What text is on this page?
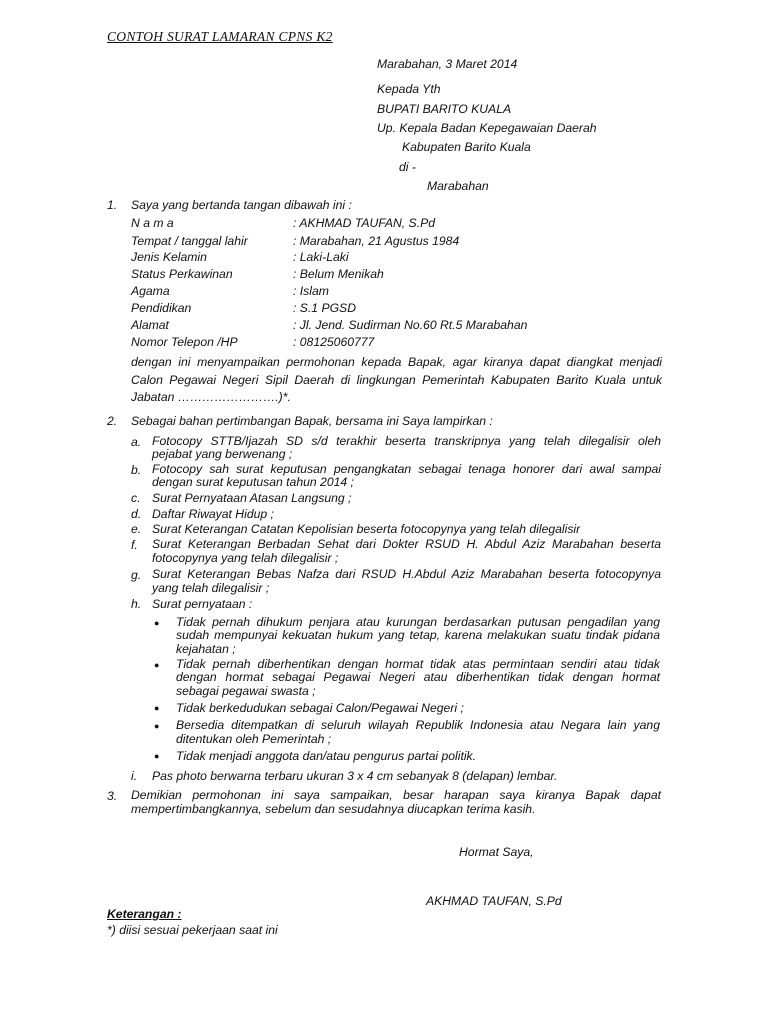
CONTOH SURAT LAMARAN CPNS K2
Marabahan, 3 Maret 2014
Kepada Yth
BUPATI BARITO KUALA
Up. Kepala Badan Kepegawaian Daerah
Kabupaten Barito Kuala
di -
Marabahan
1. Saya yang bertanda tangan dibawah ini :
N a m a	: AKHMAD TAUFAN, S.Pd
Tempat / tanggal lahir	: Marabahan, 21 Agustus 1984
Jenis Kelamin	: Laki-Laki
Status Perkawinan	: Belum Menikah
Agama	: Islam
Pendidikan	: S.1 PGSD
Alamat	: Jl. Jend. Sudirman No.60 Rt.5 Marabahan
Nomor Telepon /HP	: 08125060777
dengan ini menyampaikan permohonan kepada Bapak, agar kiranya dapat diangkat menjadi
Calon Pegawai Negeri Sipil Daerah di lingkungan Pemerintah Kabupaten Barito Kuala untuk
Jabatan …………………….)*.
2. Sebagai bahan pertimbangan Bapak, bersama ini Saya lampirkan :
a. Fotocopy STTB/Ijazah SD s/d terakhir beserta transkripnya yang telah dilegalisir oleh
pejabat yang berwenang ;
b. Fotocopy sah surat keputusan pengangkatan sebagai tenaga honorer dari awal sampai
dengan surat keputusan tahun 2014 ;
c. Surat Pernyataan Atasan Langsung ;
d. Daftar Riwayat Hidup ;
e. Surat Keterangan Catatan Kepolisian beserta fotocopynya yang telah dilegalisir
f. Surat Keterangan Berbadan Sehat dari Dokter RSUD H. Abdul Aziz Marabahan beserta
fotocopynya yang telah dilegalisir ;
g. Surat Keterangan Bebas Nafza dari RSUD H.Abdul Aziz Marabahan beserta fotocopynya
yang telah dilegalisir ;
h. Surat pernyataan :
● Tidak pernah dihukum penjara atau kurungan berdasarkan putusan pengadilan yang
sudah mempunyai kekuatan hukum yang tetap, karena melakukan suatu tindak pidana
kejahatan ;
● Tidak pernah diberhentikan dengan hormat tidak atas permintaan sendiri atau tidak
dengan hormat sebagai Pegawai Negeri atau diberhentikan tidak dengan hormat
sebagai pegawai swasta ;
● Tidak berkedudukan sebagai Calon/Pegawai Negeri ;
● Bersedia ditempatkan di seluruh wilayah Republik Indonesia atau Negara lain yang
ditentukan oleh Pemerintah ;
● Tidak menjadi anggota dan/atau pengurus partai politik.
i. Pas photo berwarna terbaru ukuran 3 x 4 cm sebanyak 8 (delapan) lembar.
3. Demikian permohonan ini saya sampaikan, besar harapan saya kiranya Bapak dapat
mempertimbangkannya, sebelum dan sesudahnya diucapkan terima kasih.
Hormat Saya,
AKHMAD TAUFAN, S.Pd
Keterangan :
*) diisi sesuai pekerjaan saat ini
